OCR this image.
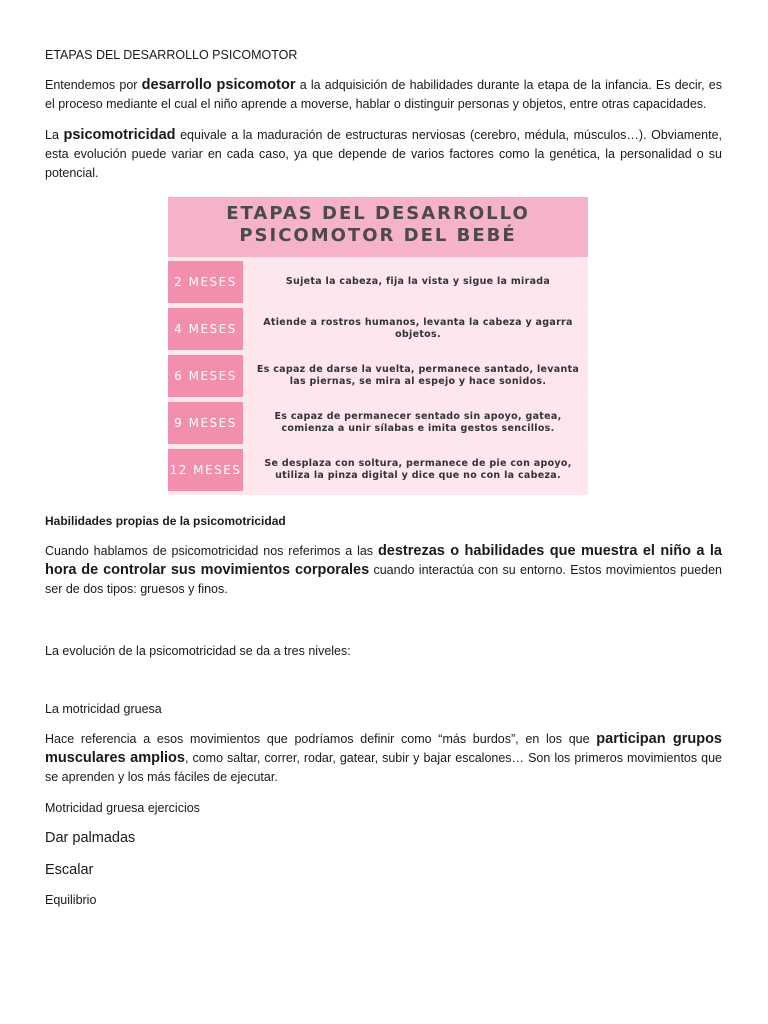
ETAPAS DEL DESARROLLO PSICOMOTOR

Entendemos por desarrollo psicomotor a la adquisición de habilidades durante la etapa de la infancia. Es decir, es el proceso mediante el cual el niño aprende a moverse, hablar o distinguir personas y objetos, entre otras capacidades.

La psicomotricidad equivale a la maduración de estructuras nerviosas (cerebro, médula, músculos…). Obviamente, esta evolución puede variar en cada caso, ya que depende de varios factores como la genética, la personalidad o su potencial.

Habilidades propias de la psicomotricidad

Cuando hablamos de psicomotricidad nos referimos a las destrezas o habilidades que muestra el niño a la hora de controlar sus movimientos corporales cuando interactúa con su entorno. Estos movimientos pueden ser de dos tipos: gruesos y finos.

La evolución de la psicomotricidad se da a tres niveles:
La motricidad gruesa

Hace referencia a esos movimientos que podríamos definir como “más burdos”, en los que participan grupos musculares amplios, como saltar, correr, rodar, gatear, subir y bajar escalones… Son los primeros movimientos que se aprenden y los más fáciles de ejecutar.

Motricidad gruesa ejercicios
Dar palmadas
Escalar
Equilibrio
ETAPAS DEL DESARROLLO
PSICOMOTOR DEL BEBÉ
2 MESES	Sujeta la cabeza, fija la vista y sigue la mirada
4 MESES	Atiende a rostros humanos, levanta la cabeza y agarra objetos.
6 MESES	Es capaz de darse la vuelta, permanece santado, levanta las piernas, se mira al espejo y hace sonidos.
9 MESES	Es capaz de permanecer sentado sin apoyo, gatea, comienza a unir sílabas e imita gestos sencillos.
12 MESES	Se desplaza con soltura, permanece de pie con apoyo, utiliza la pinza digital y dice que no con la cabeza.
